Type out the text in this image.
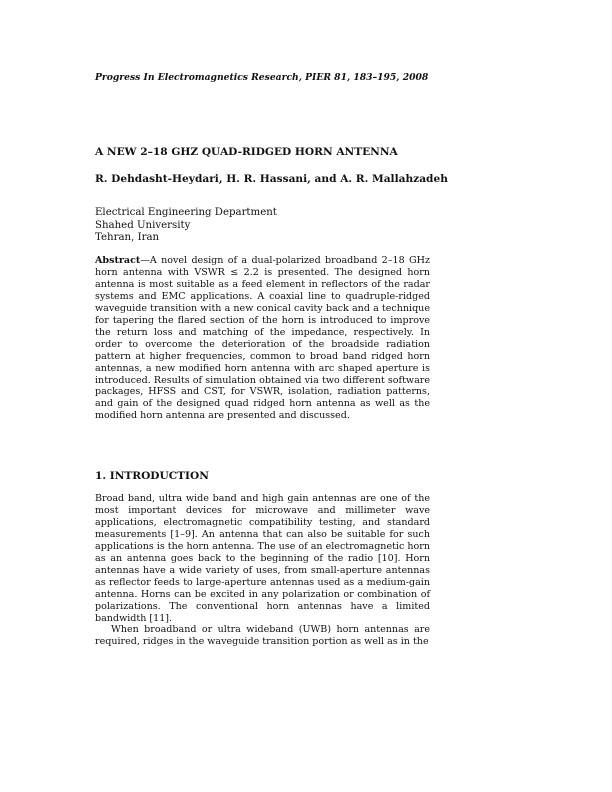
Progress In Electromagnetics Research, PIER 81, 183–195, 2008
A NEW 2–18 GHZ QUAD-RIDGED HORN ANTENNA
R. Dehdasht-Heydari, H. R. Hassani, and A. R. Mallahzadeh
Electrical Engineering Department
Shahed University
Tehran, Iran
Abstract—A novel design of a dual-polarized broadband 2–18 GHz horn antenna with VSWR ≤ 2.2 is presented. The designed horn antenna is most suitable as a feed element in reflectors of the radar systems and EMC applications. A coaxial line to quadruple-ridged waveguide transition with a new conical cavity back and a technique for tapering the flared section of the horn is introduced to improve the return loss and matching of the impedance, respectively. In order to overcome the deterioration of the broadside radiation pattern at higher frequencies, common to broad band ridged horn antennas, a new modified horn antenna with arc shaped aperture is introduced. Results of simulation obtained via two different software packages, HFSS and CST, for VSWR, isolation, radiation patterns, and gain of the designed quad ridged horn antenna as well as the modified horn antenna are presented and discussed.
1. INTRODUCTION

Broad band, ultra wide band and high gain antennas are one of the most important devices for microwave and millimeter wave applications, electromagnetic compatibility testing, and standard measurements [1–9]. An antenna that can also be suitable for such applications is the horn antenna. The use of an electromagnetic horn as an antenna goes back to the beginning of the radio [10]. Horn antennas have a wide variety of uses, from small-aperture antennas as reflector feeds to large-aperture antennas used as a medium-gain antenna. Horns can be excited in any polarization or combination of polarizations. The conventional horn antennas have a limited bandwidth [11].

When broadband or ultra wideband (UWB) horn antennas are required, ridges in the waveguide transition portion as well as in the
